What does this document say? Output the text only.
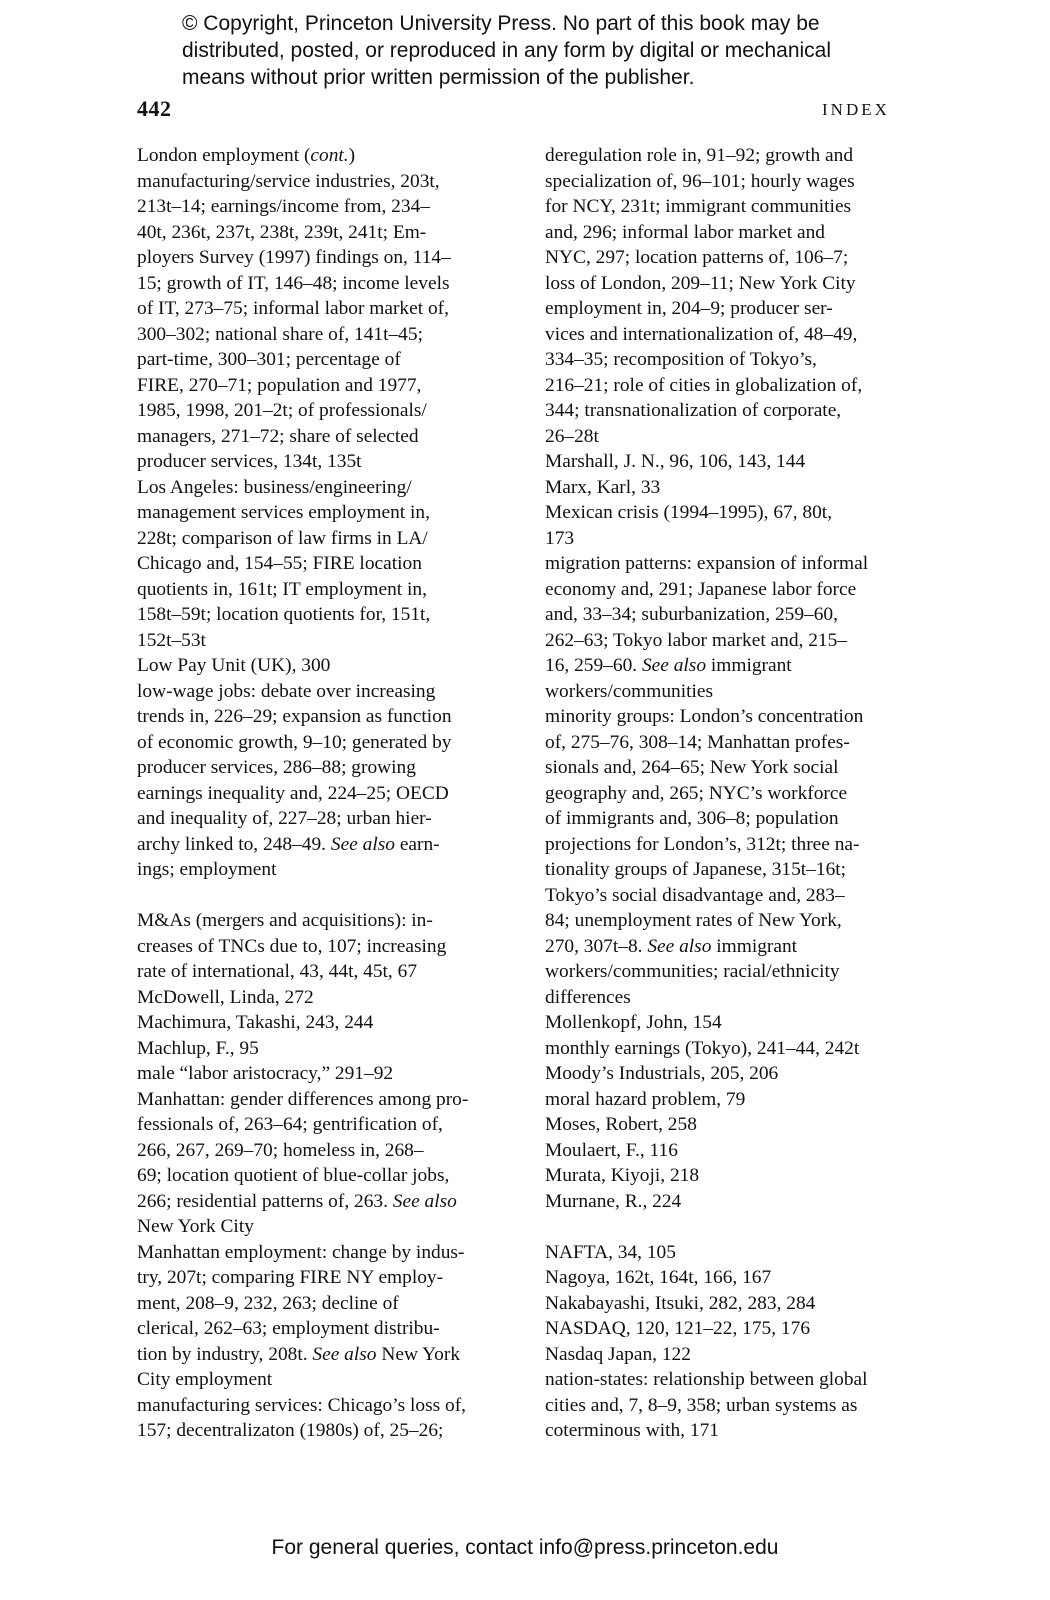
© Copyright, Princeton University Press. No part of this book may be
distributed, posted, or reproduced in any form by digital or mechanical
means without prior written permission of the publisher.
442	INDEX
London employment (cont.)
manufacturing/service industries, 203t,
213t–14; earnings/income from, 234–
40t, 236t, 237t, 238t, 239t, 241t; Em-
ployers Survey (1997) findings on, 114–
15; growth of IT, 146–48; income levels
of IT, 273–75; informal labor market of,
300–302; national share of, 141t–45;
part-time, 300–301; percentage of
FIRE, 270–71; population and 1977,
1985, 1998, 201–2t; of professionals/
managers, 271–72; share of selected
producer services, 134t, 135t
Los Angeles: business/engineering/
management services employment in,
228t; comparison of law firms in LA/
Chicago and, 154–55; FIRE location
quotients in, 161t; IT employment in,
158t–59t; location quotients for, 151t,
152t–53t
Low Pay Unit (UK), 300
low-wage jobs: debate over increasing
trends in, 226–29; expansion as function
of economic growth, 9–10; generated by
producer services, 286–88; growing
earnings inequality and, 224–25; OECD
and inequality of, 227–28; urban hier-
archy linked to, 248–49. See also earn-
ings; employment
M&As (mergers and acquisitions): in-
creases of TNCs due to, 107; increasing
rate of international, 43, 44t, 45t, 67
McDowell, Linda, 272
Machimura, Takashi, 243, 244
Machlup, F., 95
male “labor aristocracy,” 291–92
Manhattan: gender differences among pro-
fessionals of, 263–64; gentrification of,
266, 267, 269–70; homeless in, 268–
69; location quotient of blue-collar jobs,
266; residential patterns of, 263. See also
New York City
Manhattan employment: change by indus-
try, 207t; comparing FIRE NY employ-
ment, 208–9, 232, 263; decline of
clerical, 262–63; employment distribu-
tion by industry, 208t. See also New York
City employment
manufacturing services: Chicago’s loss of,
157; decentralizaton (1980s) of, 25–26;
deregulation role in, 91–92; growth and
specialization of, 96–101; hourly wages
for NCY, 231t; immigrant communities
and, 296; informal labor market and
NYC, 297; location patterns of, 106–7;
loss of London, 209–11; New York City
employment in, 204–9; producer ser-
vices and internationalization of, 48–49,
334–35; recomposition of Tokyo’s,
216–21; role of cities in globalization of,
344; transnationalization of corporate,
26–28t
Marshall, J. N., 96, 106, 143, 144
Marx, Karl, 33
Mexican crisis (1994–1995), 67, 80t,
173
migration patterns: expansion of informal
economy and, 291; Japanese labor force
and, 33–34; suburbanization, 259–60,
262–63; Tokyo labor market and, 215–
16, 259–60. See also immigrant
workers/communities
minority groups: London’s concentration
of, 275–76, 308–14; Manhattan profes-
sionals and, 264–65; New York social
geography and, 265; NYC’s workforce
of immigrants and, 306–8; population
projections for London’s, 312t; three na-
tionality groups of Japanese, 315t–16t;
Tokyo’s social disadvantage and, 283–
84; unemployment rates of New York,
270, 307t–8. See also immigrant
workers/communities; racial/ethnicity
differences
Mollenkopf, John, 154
monthly earnings (Tokyo), 241–44, 242t
Moody’s Industrials, 205, 206
moral hazard problem, 79
Moses, Robert, 258
Moulaert, F., 116
Murata, Kiyoji, 218
Murnane, R., 224
NAFTA, 34, 105
Nagoya, 162t, 164t, 166, 167
Nakabayashi, Itsuki, 282, 283, 284
NASDAQ, 120, 121–22, 175, 176
Nasdaq Japan, 122
nation-states: relationship between global
cities and, 7, 8–9, 358; urban systems as
coterminous with, 171
For general queries, contact info@press.princeton.edu
